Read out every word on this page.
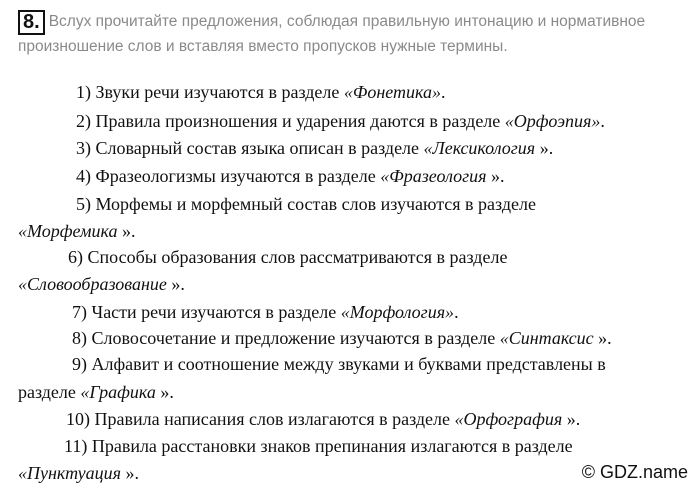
8. Вслух прочитайте предложения, соблюдая правильную интонацию и нормативное
произношение слов и вставляя вместо пропусков нужные термины.
1) Звуки речи изучаются в разделе «Фонетика».
2) Правила произношения и ударения даются в разделе «Орфоэпия».
3) Словарный состав языка описан в разделе «Лексикология ».
4) Фразеологизмы изучаются в разделе «Фразеология ».
5) Морфемы и морфемный состав слов изучаются в разделе
«Морфемика ».
6) Способы образования слов рассматриваются в разделе
«Словообразование ».
7) Части речи изучаются в разделе «Морфология».
8) Словосочетание и предложение изучаются в разделе «Синтаксис ».
9) Алфавит и соотношение между звуками и буквами представлены в
разделе «Графика ».
10) Правила написания слов излагаются в разделе «Орфография ».
11) Правила расстановки знаков препинания излагаются в разделе
«Пунктуация ».	© GDZ.name
